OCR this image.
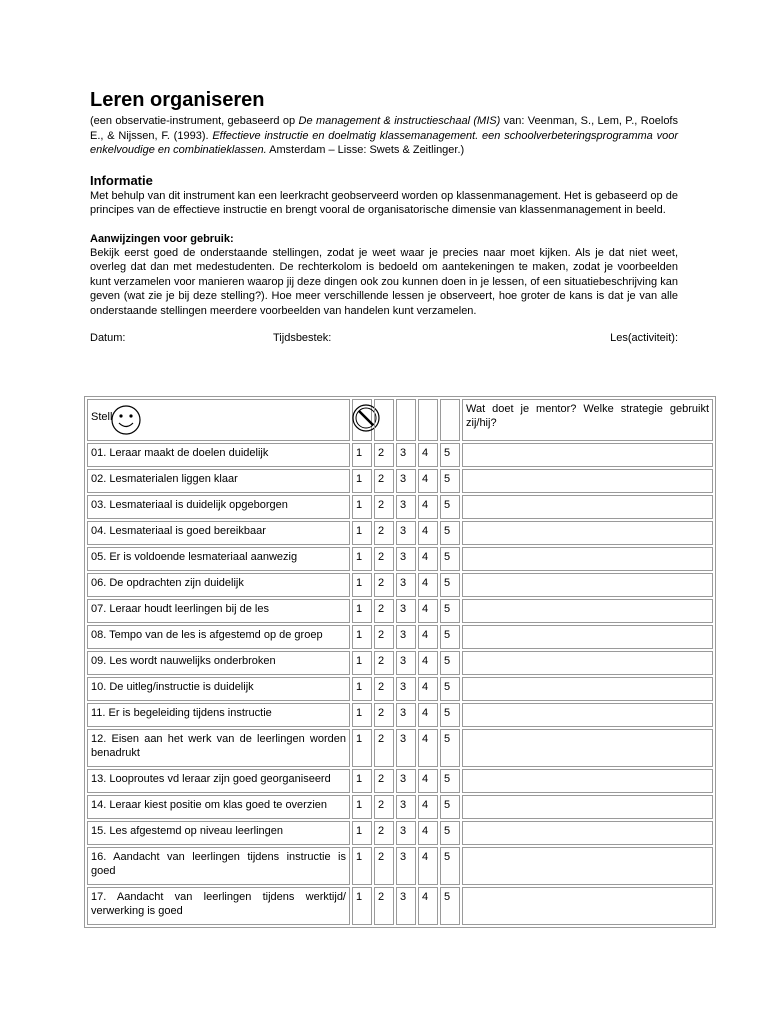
Leren organiseren

(een observatie-instrument, gebaseerd op De management & instructieschaal (MIS) van: Veenman, S., Lem, P., Roelofs E., & Nijssen, F. (1993). Effectieve instructie en doelmatig klassemanagement. een schoolverbeteringsprogramma voor enkelvoudige en combinatieklassen. Amsterdam – Lisse: Swets & Zeitlinger.)

Informatie

Met behulp van dit instrument kan een leerkracht geobserveerd worden op klassenmanagement. Het is gebaseerd op de principes van de effectieve instructie en brengt vooral de organisatorische dimensie van klassenmanagement in beeld.

Aanwijzingen voor gebruik:

Bekijk eerst goed de onderstaande stellingen, zodat je weet waar je precies naar moet kijken. Als je dat niet weet, overleg dat dan met medestudenten. De rechterkolom is bedoeld om aantekeningen te maken, zodat je voorbeelden kunt verzamelen voor manieren waarop jij deze dingen ook zou kunnen doen in je lessen, of een situatiebeschrijving kan geven (wat zie je bij deze stelling?). Hoe meer verschillende lessen je observeert, hoe groter de kans is dat je van alle onderstaande stellingen meerdere voorbeelden van handelen kunt verzamelen.

Datum:	Tijdsbestek:	Les(activiteit):
Stell						Wat doet je mentor? Welke strategie gebruikt zij/hij?
01. Leraar maakt de doelen duidelijk	1	2	3	4	5	
02. Lesmaterialen liggen klaar	1	2	3	4	5	
03. Lesmateriaal is duidelijk opgeborgen	1	2	3	4	5	
04. Lesmateriaal is goed bereikbaar	1	2	3	4	5	
05. Er is voldoende lesmateriaal aanwezig	1	2	3	4	5	
06. De opdrachten zijn duidelijk	1	2	3	4	5	
07. Leraar houdt leerlingen bij de les	1	2	3	4	5	
08. Tempo van de les is afgestemd op de groep	1	2	3	4	5	
09. Les wordt nauwelijks onderbroken	1	2	3	4	5	
10. De uitleg/instructie is duidelijk	1	2	3	4	5	
11. Er is begeleiding tijdens instructie	1	2	3	4	5	
12. Eisen aan het werk van de leerlingen worden benadrukt	1	2	3	4	5	
13. Looproutes vd leraar zijn goed georganiseerd	1	2	3	4	5	
14. Leraar kiest positie om klas goed te overzien	1	2	3	4	5	
15. Les afgestemd op niveau leerlingen	1	2	3	4	5	
16. Aandacht van leerlingen tijdens instructie is goed	1	2	3	4	5	
17. Aandacht van leerlingen tijdens werktijd/ verwerking is goed	1	2	3	4	5	
